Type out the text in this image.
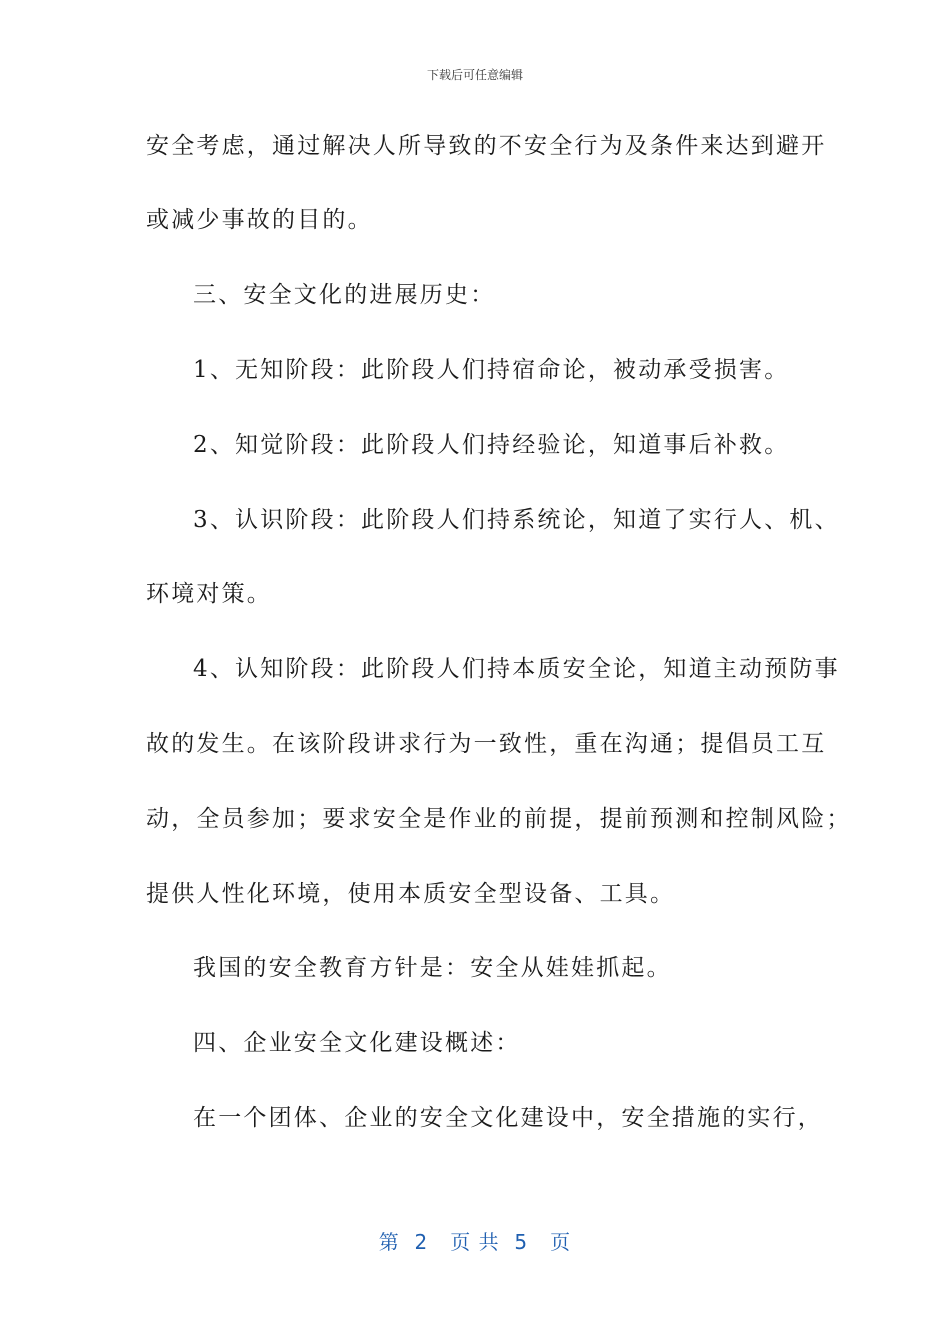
下载后可任意编辑
安全考虑，通过解决人所导致的不安全行为及条件来达到避开
或减少事故的目的。
三、安全文化的进展历史：
1、无知阶段：此阶段人们持宿命论，被动承受损害。
2、知觉阶段：此阶段人们持经验论，知道事后补救。
3、认识阶段：此阶段人们持系统论，知道了实行人、机、
环境对策。
4、认知阶段：此阶段人们持本质安全论，知道主动预防事
故的发生。在该阶段讲求行为一致性，重在沟通；提倡员工互
动，全员参加；要求安全是作业的前提，提前预测和控制风险；
提供人性化环境，使用本质安全型设备、工具。
我国的安全教育方针是：安全从娃娃抓起。
四、企业安全文化建设概述：
在一个团体、企业的安全文化建设中，安全措施的实行，
第  2   页 共  5   页
